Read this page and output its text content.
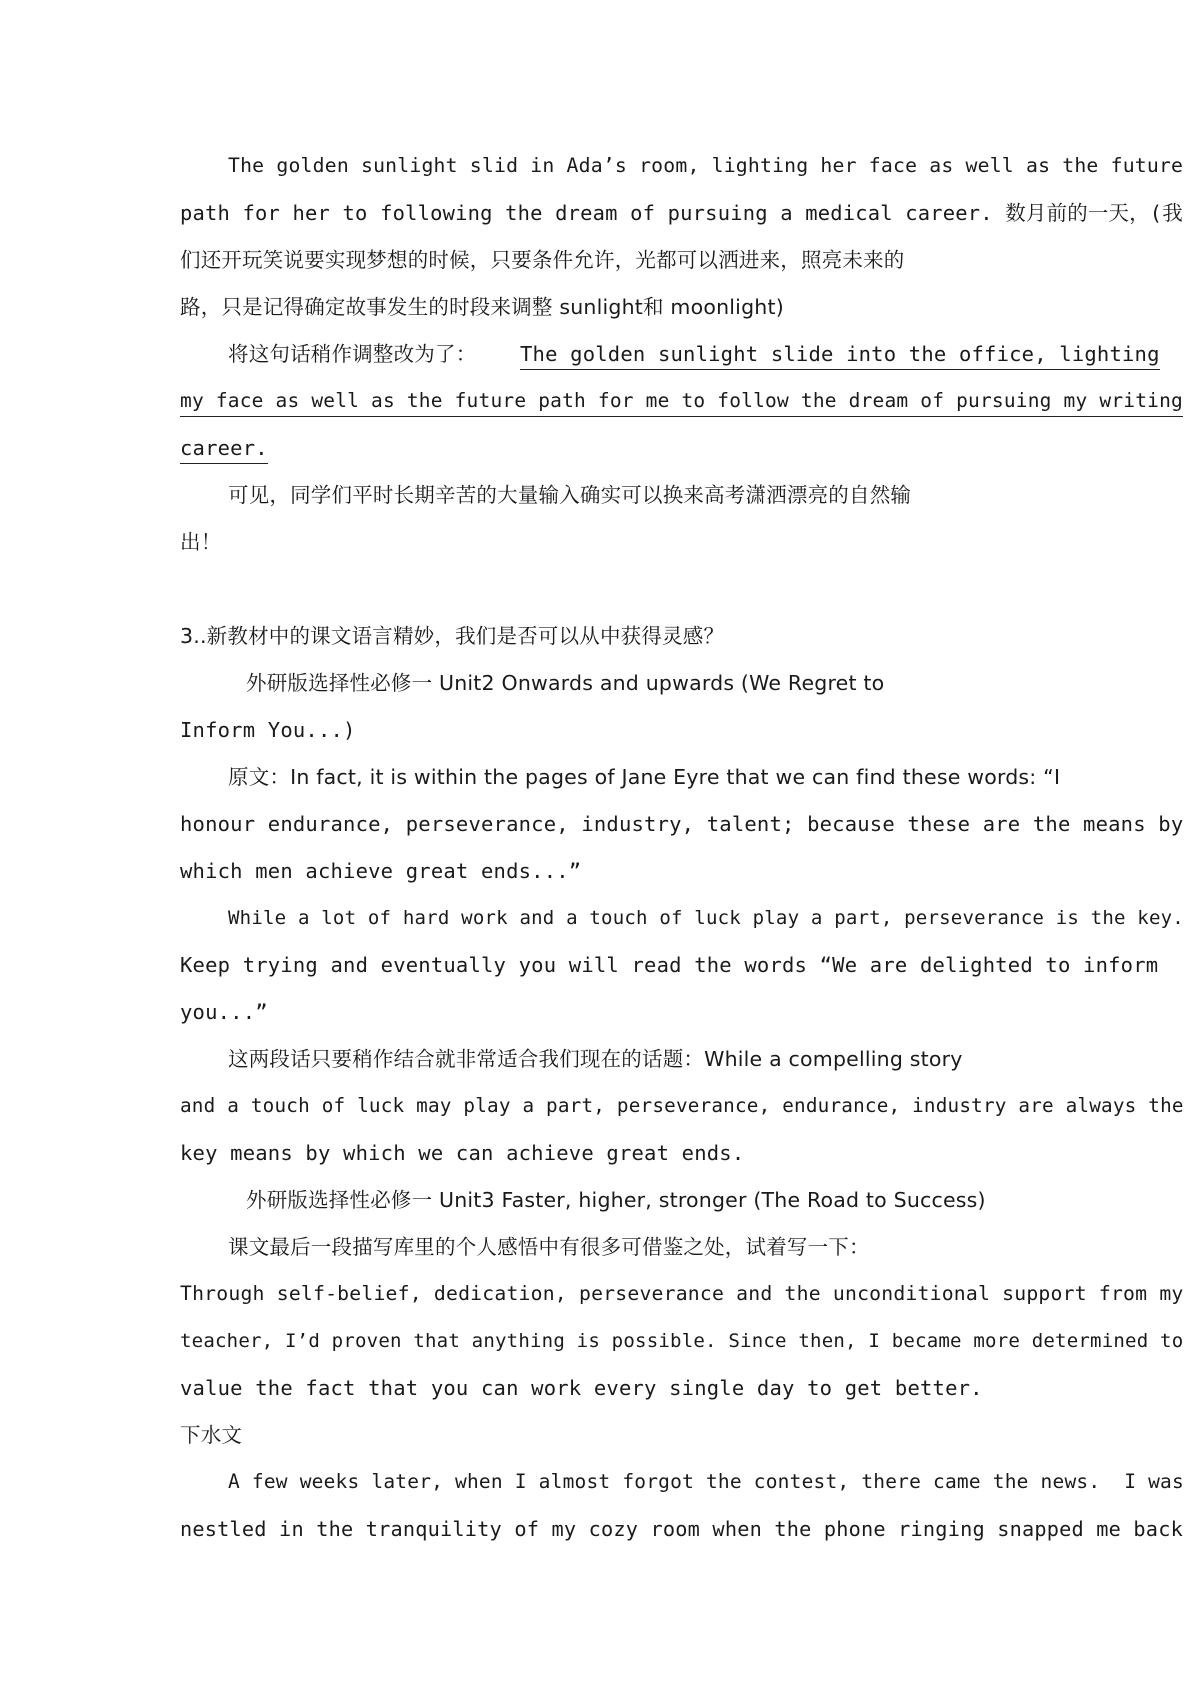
The golden sunlight slid in Ada’s room, lighting her face as well as the future
path for her to following the dream of pursuing a medical career. 数月前的一天，(我
们还开玩笑说要实现梦想的时候，只要条件允许，光都可以洒进来，照亮未来的
路，只是记得确定故事发生的时段来调整 sunlight和 moonlight)
将这句话稍作调整改为了： The golden sunlight slide into the office, lighting
my face as well as the future path for me to follow the dream of pursuing my writing
career.
可见，同学们平时长期辛苦的大量输入确实可以换来高考潇洒漂亮的自然输
出！
3..新教材中的课文语言精妙，我们是否可以从中获得灵感？
外研版选择性必修一 Unit2 Onwards and upwards (We Regret to
Inform You...)
原文：In fact, it is within the pages of Jane Eyre that we can find these words: “I
honour endurance, perseverance, industry, talent; because these are the means by
which men achieve great ends...”
While a lot of hard work and a touch of luck play a part, perseverance is the key.
Keep trying and eventually you will read the words “We are delighted to inform
you...”
这两段话只要稍作结合就非常适合我们现在的话题：While a compelling story
and a touch of luck may play a part, perseverance, endurance, industry are always the
key means by which we can achieve great ends.
外研版选择性必修一 Unit3 Faster, higher, stronger (The Road to Success)
课文最后一段描写库里的个人感悟中有很多可借鉴之处，试着写一下：
Through self-belief, dedication, perseverance and the unconditional support from my
teacher, I’d proven that anything is possible. Since then, I became more determined to
value the fact that you can work every single day to get better.
下水文
A few weeks later, when I almost forgot the contest, there came the news.  I was
nestled in the tranquility of my cozy room when the phone ringing snapped me back
